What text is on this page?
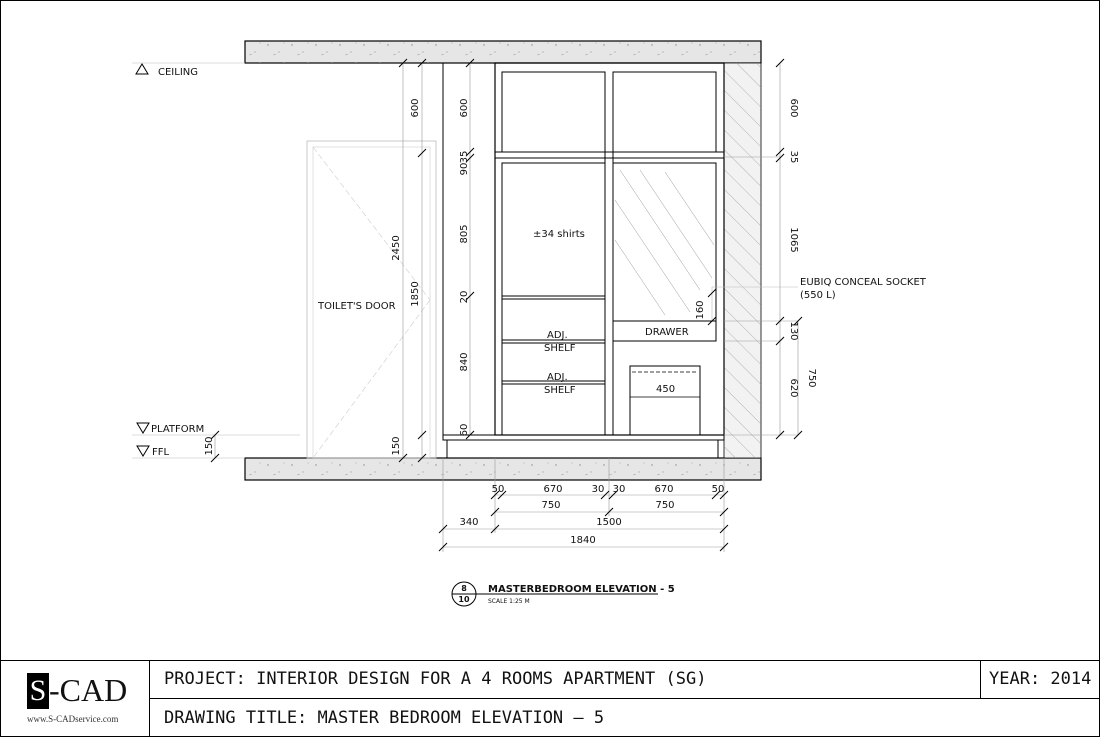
CEILING
PLATFORM
FFL
TOILET'S DOOR
±34 shirts
ADJ.
SHELF
ADJ.
SHELF
DRAWER
450
EUBIQ CONCEAL SOCKET
(550 L)
600
2450
1850
150
150
600
90
35
805
20
840
60
600
35
1065
160
130
620
750
50	670	30 30	670	50
750	750
340	1500
1840
8
10
MASTERBEDROOM ELEVATION - 5
SCALE 1:25 M
S -CAD
www.S-CADservice.com
PROJECT: INTERIOR DESIGN FOR A 4 ROOMS APARTMENT (SG)
DRAWING TITLE: MASTER BEDROOM ELEVATION – 5
YEAR: 2014
